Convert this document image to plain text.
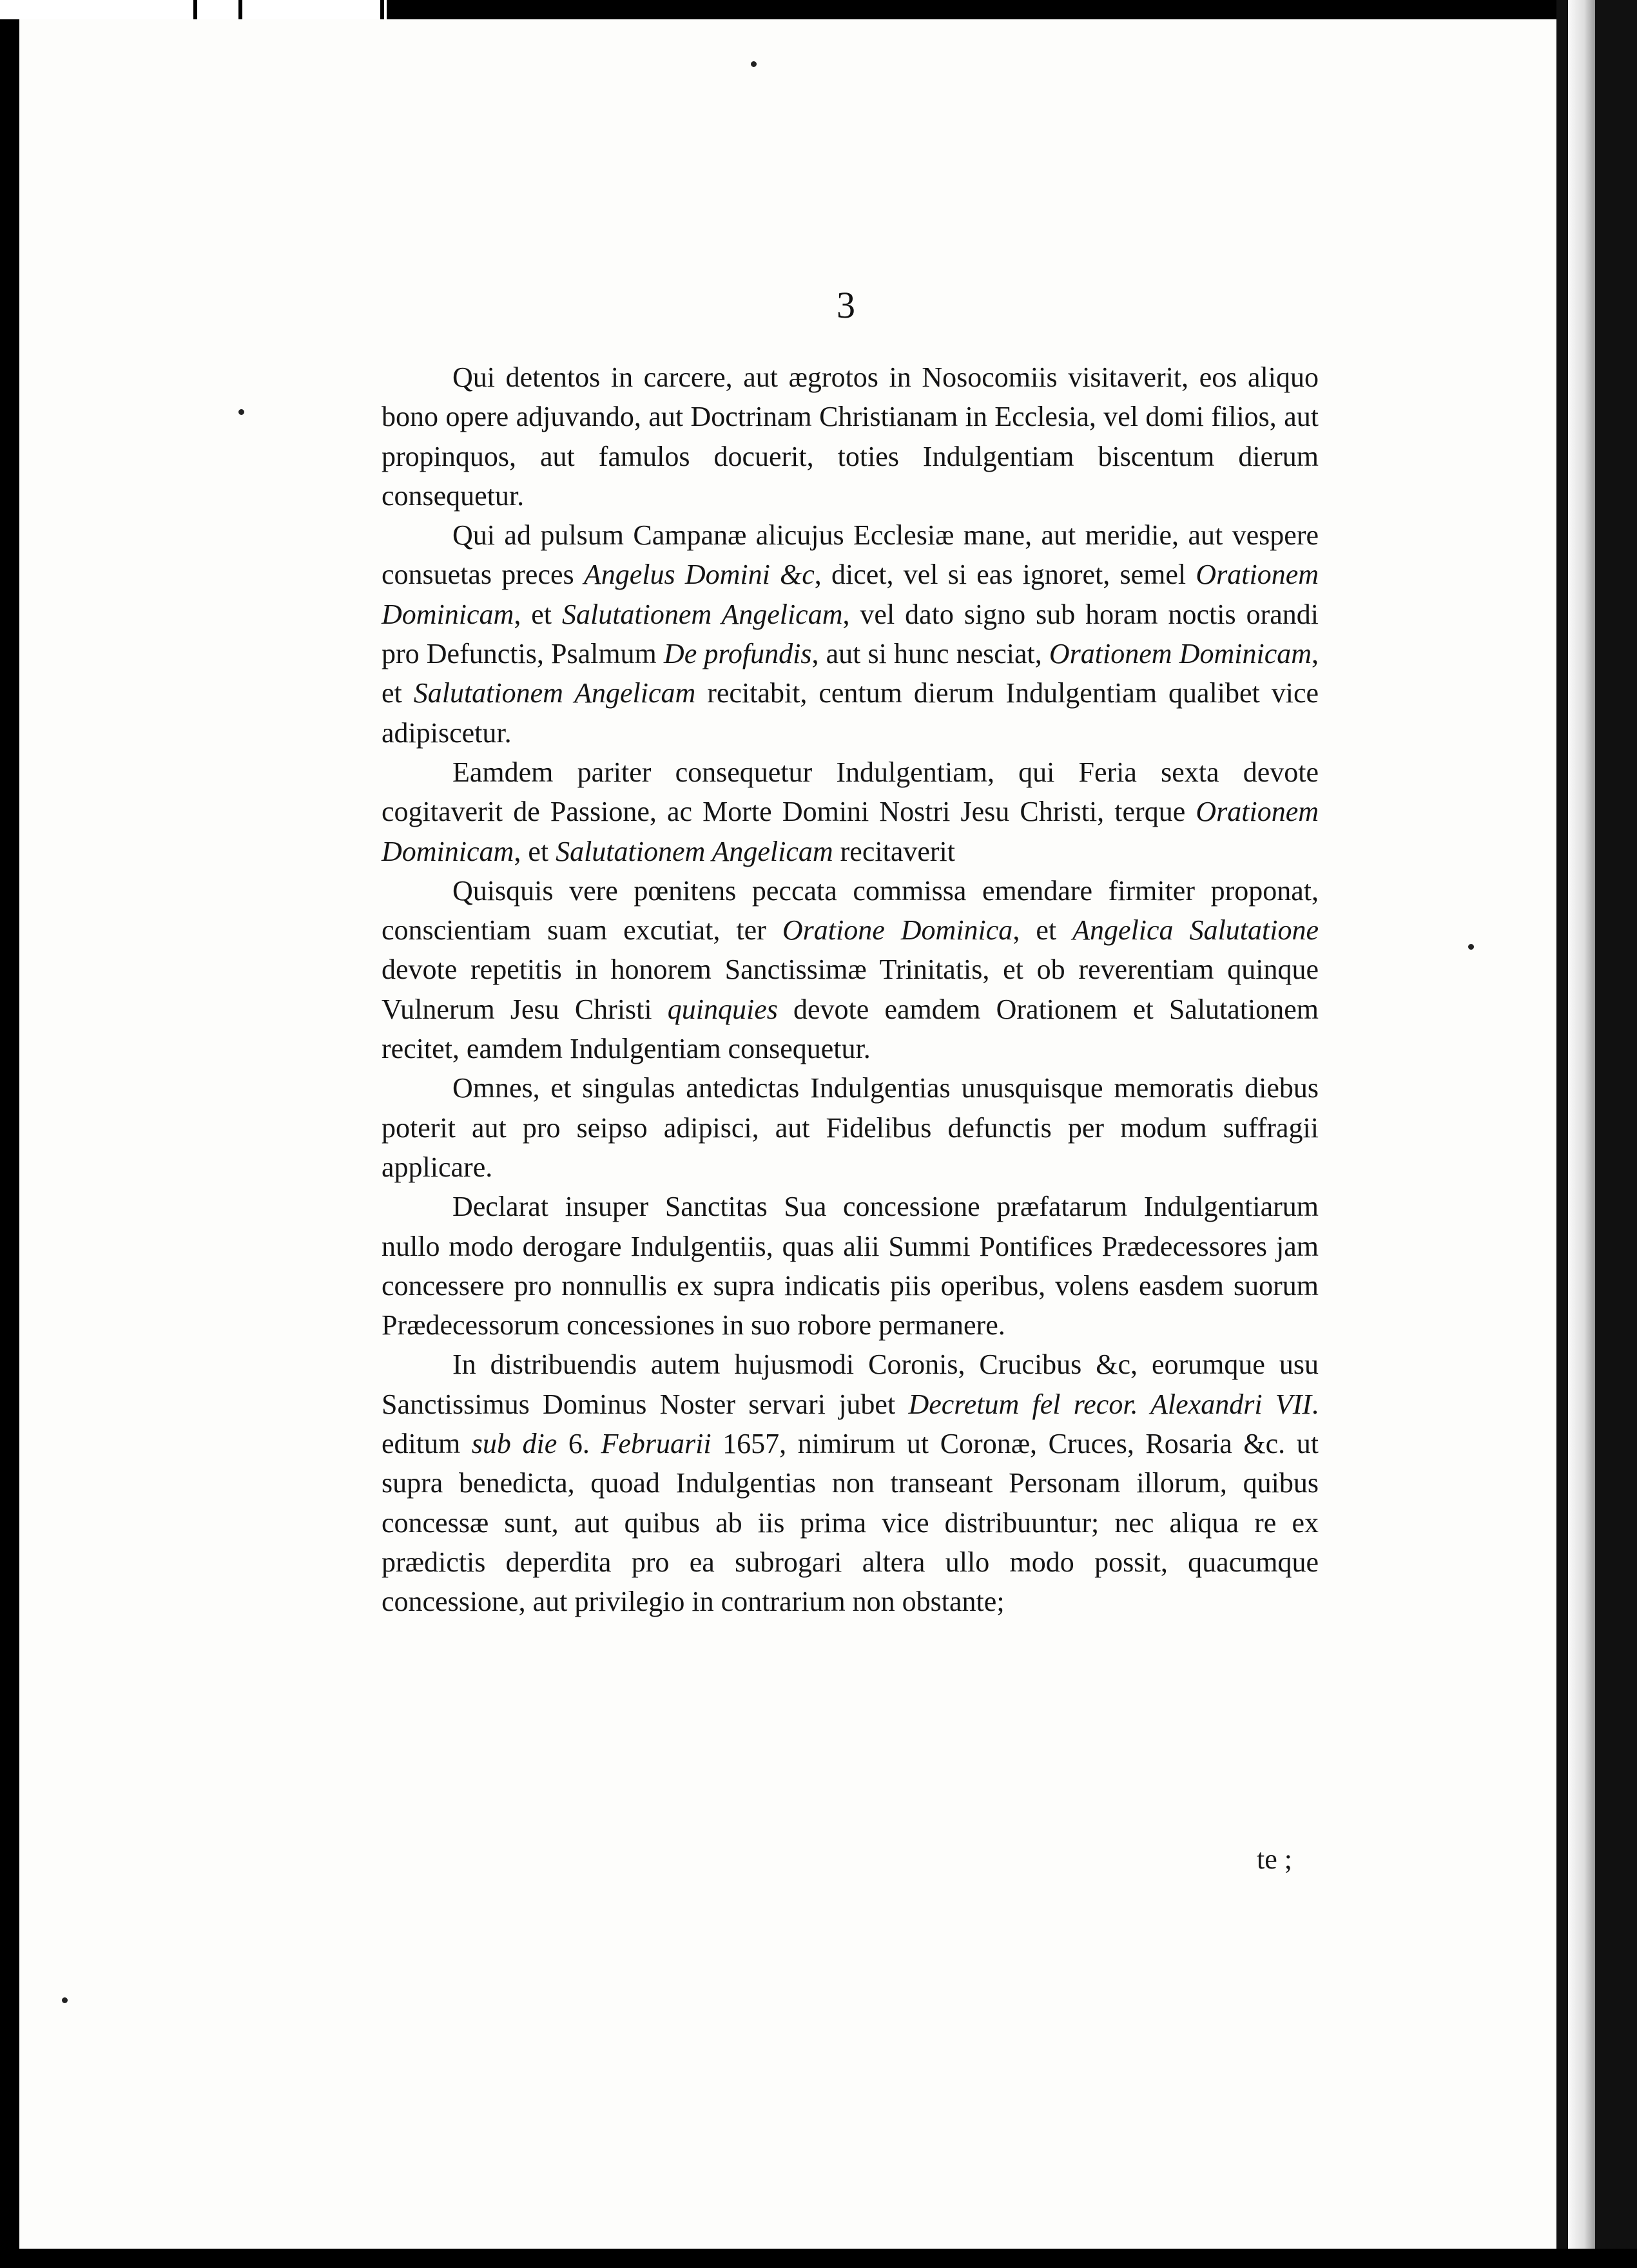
3

Qui detentos in carcere, aut ægrotos in Nosocomiis visitaverit, eos aliquo bono opere adjuvando, aut Doctrinam Christianam in Ecclesia, vel domi filios, aut propinquos, aut famulos docuerit, toties Indulgentiam biscentum dierum consequetur.

Qui ad pulsum Campanæ alicujus Ecclesiæ mane, aut meridie, aut vespere consuetas preces Angelus Domini &c, dicet, vel si eas ignoret, semel Orationem Dominicam, et Salutationem Angelicam, vel dato signo sub horam noctis orandi pro Defunctis, Psalmum De profundis, aut si hunc nesciat, Orationem Dominicam, et Salutationem Angelicam recitabit, centum dierum Indulgentiam qualibet vice adipiscetur.

Eamdem pariter consequetur Indulgentiam, qui Feria sexta devote cogitaverit de Passione, ac Morte Domini Nostri Jesu Christi, terque Orationem Dominicam, et Salutationem Angelicam recitaverit

Quisquis vere pœnitens peccata commissa emendare firmiter proponat, conscientiam suam excutiat, ter Oratione Dominica, et Angelica Salutatione devote repetitis in honorem Sanctissimæ Trinitatis, et ob reverentiam quinque Vulnerum Jesu Christi quinquies devote eamdem Orationem et Salutationem recitet, eamdem Indulgentiam consequetur.

Omnes, et singulas antedictas Indulgentias unusquisque memoratis diebus poterit aut pro seipso adipisci, aut Fidelibus defunctis per modum suffragii applicare.

Declarat insuper Sanctitas Sua concessione præfatarum Indulgentiarum nullo modo derogare Indulgentiis, quas alii Summi Pontifices Prædecessores jam concessere pro nonnullis ex supra indicatis piis operibus, volens easdem suorum Prædecessorum concessiones in suo robore permanere.

In distribuendis autem hujusmodi Coronis, Crucibus &c, eorumque usu Sanctissimus Dominus Noster servari jubet Decretum fel recor. Alexandri VII. editum sub die 6. Februarii 1657, nimirum ut Coronæ, Cruces, Rosaria &c. ut supra benedicta, quoad Indulgentias non transeant Personam illorum, quibus concessæ sunt, aut quibus ab iis prima vice distribuuntur; nec aliqua re ex prædictis deperdita pro ea subrogari altera ullo modo possit, quacumque concessione, aut privilegio in contrarium non obstante;

te ;
